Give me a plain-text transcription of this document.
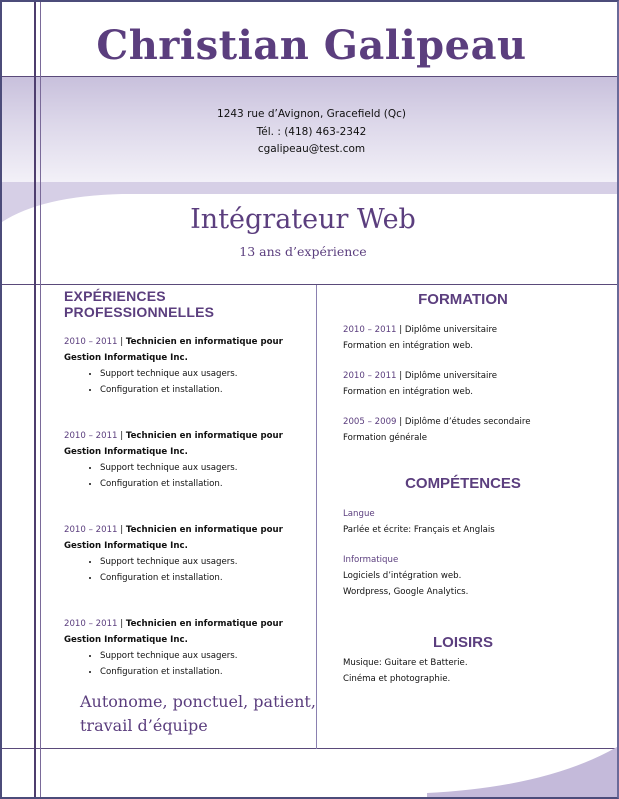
Christian Galipeau
1243 rue d’Avignon, Gracefield (Qc)
Tél. : (418) 463-2342
cgalipeau@test.com
Intégrateur Web
13 ans d’expérience
EXPÉRIENCES PROFESSIONNELLES
2010 – 2011 | Technicien en informatique pour Gestion Informatique Inc.
• Support technique aux usagers.
• Configuration et installation.
2010 – 2011 | Technicien en informatique pour Gestion Informatique Inc.
• Support technique aux usagers.
• Configuration et installation.
2010 – 2011 | Technicien en informatique pour Gestion Informatique Inc.
• Support technique aux usagers.
• Configuration et installation.
2010 – 2011 | Technicien en informatique pour Gestion Informatique Inc.
• Support technique aux usagers.
• Configuration et installation.
Autonome, ponctuel, patient,
travail d’équipe
FORMATION
2010 – 2011 | Diplôme universitaire
Formation en intégration web.
2010 – 2011 | Diplôme universitaire
Formation en intégration web.
2005 – 2009 | Diplôme d’études secondaire
Formation générale
COMPÉTENCES
Langue
Parlée et écrite: Français et Anglais
Informatique
Logiciels d’intégration web.
Wordpress, Google Analytics.
LOISIRS
Musique: Guitare et Batterie.
Cinéma et photographie.
